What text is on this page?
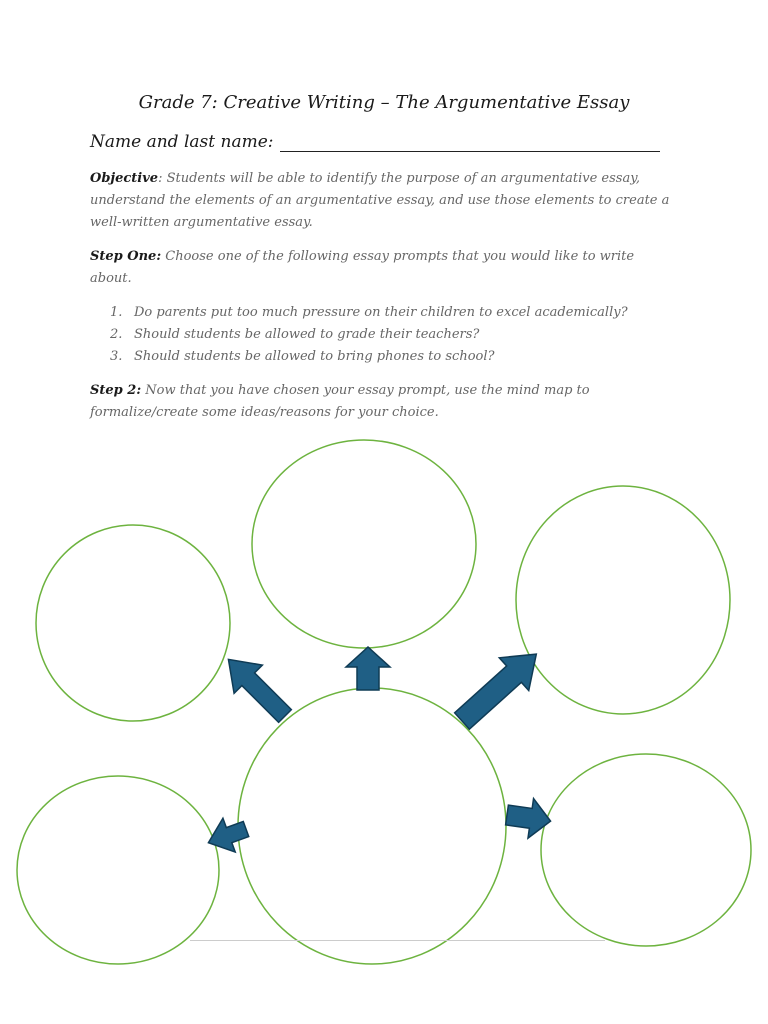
Grade 7: Creative Writing – The Argumentative Essay
Name and last name:
Objective: Students will be able to identify the purpose of an argumentative essay, understand the elements of an argumentative essay, and use those elements to create a well-written argumentative essay.
Step One: Choose one of the following essay prompts that you would like to write about.
1. Do parents put too much pressure on their children to excel academically?
2. Should students be allowed to grade their teachers?
3. Should students be allowed to bring phones to school?
Step 2: Now that you have chosen your essay prompt, use the mind map to formalize/create some ideas/reasons for your choice.
